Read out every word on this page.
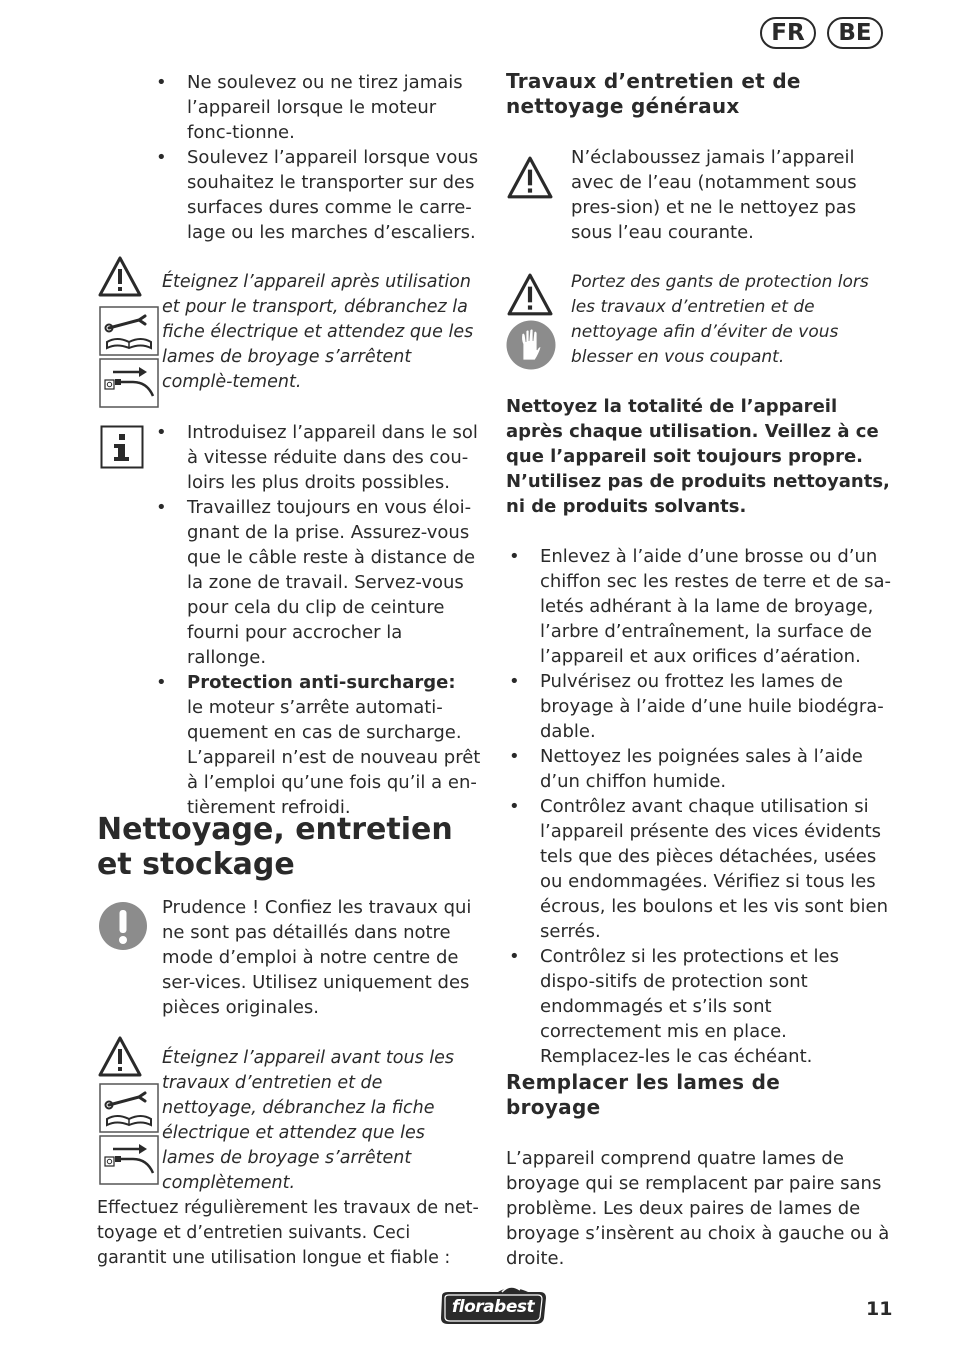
FR	BE
• Ne soulevez ou ne tirez jamais l’appareil lorsque le moteur fonc-tionne.
• Soulevez l’appareil lorsque vous souhaitez le transporter sur des surfaces dures comme le carre-lage ou les marches d’escaliers.

Éteignez l’appareil après utilisation et pour le transport, débranchez la fiche électrique et attendez que les lames de broyage s’arrêtent complè-tement.

• Introduisez l’appareil dans le sol à vitesse réduite dans des cou-loirs les plus droits possibles.
• Travaillez toujours en vous éloi-gnant de la prise. Assurez-vous que le câble reste à distance de la zone de travail. Servez-vous pour cela du clip de ceinture fourni pour accrocher la rallonge.
• Protection anti-surcharge:
le moteur s’arrête automati-quement en cas de surcharge. L’appareil n’est de nouveau prêt à l’emploi qu’une fois qu’il a en-tièrement refroidi.
Nettoyage, entretien
et stockage

Prudence ! Confiez les travaux qui ne sont pas détaillés dans notre mode d’emploi à notre centre de ser-vices. Utilisez uniquement des pièces originales.

Éteignez l’appareil avant tous les travaux d’entretien et de nettoyage, débranchez la fiche électrique et attendez que les lames de broyage s’arrêtent complètement.

Effectuez régulièrement les travaux de net-toyage et d’entretien suivants. Ceci garantit une utilisation longue et fiable :

Travaux d’entretien et de
nettoyage généraux

N’éclaboussez jamais l’appareil avec de l’eau (notamment sous pres-sion) et ne le nettoyez pas sous l’eau courante.

Portez des gants de protection lors les travaux d’entretien et de nettoyage afin d’éviter de vous blesser en vous coupant.

Nettoyez la totalité de l’appareil après chaque utilisation. Veillez à ce que l’appareil soit toujours propre. N’utilisez pas de produits nettoyants, ni de produits solvants.

• Enlevez à l’aide d’une brosse ou d’un chiffon sec les restes de terre et de sa-letés adhérant à la lame de broyage, l’arbre d’entraînement, la surface de l’appareil et aux orifices d’aération.
• Pulvérisez ou frottez les lames de broyage à l’aide d’une huile biodégra-dable.
• Nettoyez les poignées sales à l’aide d’un chiffon humide.
• Contrôlez avant chaque utilisation si l’appareil présente des vices évidents tels que des pièces détachées, usées ou endommagées. Vérifiez si tous les écrous, les boulons et les vis sont bien serrés.
• Contrôlez si les protections et les dispo-sitifs de protection sont endommagés et s’ils sont correctement mis en place. Remplacez-les le cas échéant.
Remplacer les lames de
broyage

L’appareil comprend quatre lames de broyage qui se remplacent par paire sans problème. Les deux paires de lames de broyage s’insèrent au choix à gauche ou à droite.

florabest	11
